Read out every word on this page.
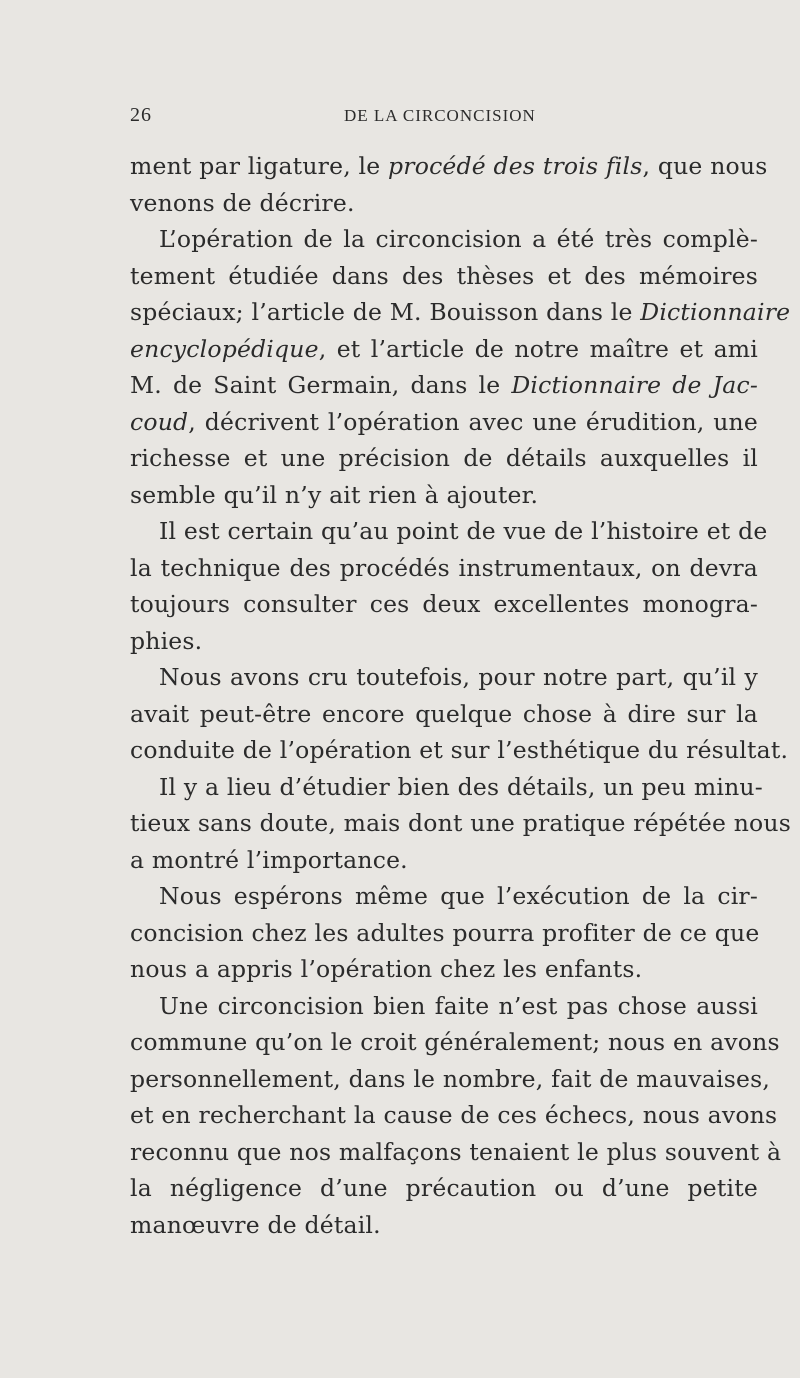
26	DE LA CIRCONCISION
ment par ligature, le procédé des trois fils, que nous
venons de décrire.
L’opération de la circoncision a été très complè-
tement étudiée dans des thèses et des mémoires
spéciaux; l’article de M. Bouisson dans le Dictionnaire
encyclopédique, et l’article de notre maître et ami
M. de Saint Germain, dans le Dictionnaire de Jac-
coud, décrivent l’opération avec une érudition, une
richesse et une précision de détails auxquelles il
semble qu’il n’y ait rien à ajouter.
Il est certain qu’au point de vue de l’histoire et de
la technique des procédés instrumentaux, on devra
toujours consulter ces deux excellentes monogra-
phies.
Nous avons cru toutefois, pour notre part, qu’il y
avait peut-être encore quelque chose à dire sur la
conduite de l’opération et sur l’esthétique du résultat.
Il y a lieu d’étudier bien des détails, un peu minu-
tieux sans doute, mais dont une pratique répétée nous
a montré l’importance.
Nous espérons même que l’exécution de la cir-
concision chez les adultes pourra profiter de ce que
nous a appris l’opération chez les enfants.
Une circoncision bien faite n’est pas chose aussi
commune qu’on le croit généralement; nous en avons
personnellement, dans le nombre, fait de mauvaises,
et en recherchant la cause de ces échecs, nous avons
reconnu que nos malfaçons tenaient le plus souvent à
la négligence d’une précaution ou d’une petite
manœuvre de détail.
